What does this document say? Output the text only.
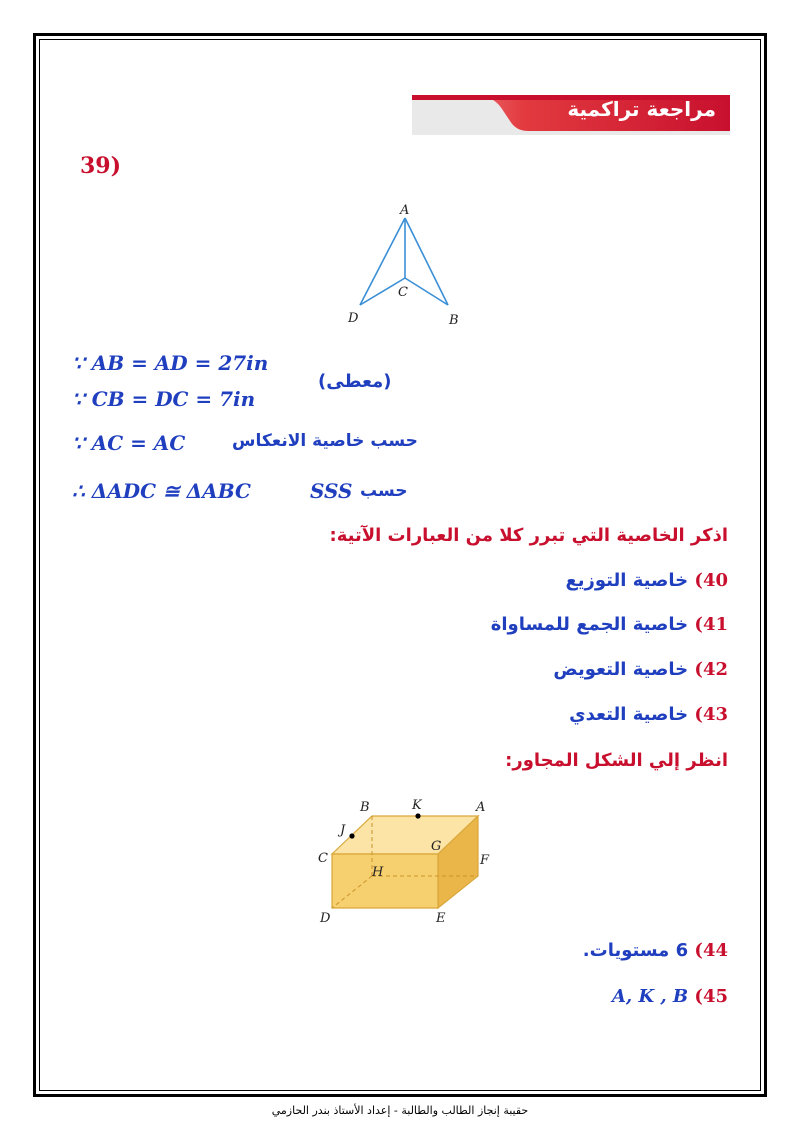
مراجعة تراكمية
39)
A
C
D	B
∵ AB = AD = 27in
∵ CB = DC = 7in
(معطى)
∵ AC = AC	حسب خاصية الانعكاس
∴ ΔADC ≅ ΔABC	SSS حسب
اذكر الخاصية التي تبرر كلا من العبارات الآتية:
40) خاصية التوزيع
41) خاصية الجمع للمساواة
42) خاصية التعويض
43) خاصية التعدي
انظر إلي الشكل المجاور:
B	K	A
J
C
G
F
H
D	E
44) 6 مستويات.
45) A, K , B
حقيبة إنجاز الطالب والطالبة - إعداد الأستاذ بندر الحازمي
